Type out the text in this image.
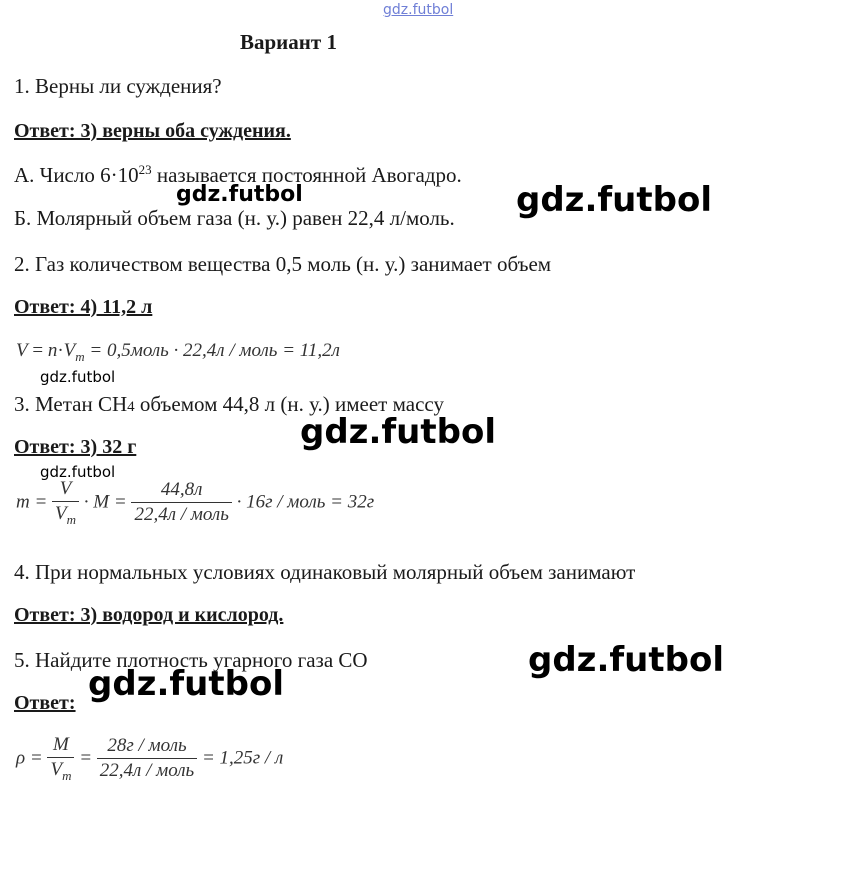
gdz.futbol
Вариант 1
1. Верны ли суждения?
Ответ: 3) верны оба суждения.
А. Число $6\cdot 10^{23}$ называется постоянной Авогадро.
Б. Молярный объем газа (н. у.) равен 22,4 л/моль.
2. Газ количеством вещества 0,5 моль (н. у.) занимает объем
Ответ: 4) 11,2 л
$V = n\cdot V_m$ = 0,5моль · 22,4л / моль = 11,2л
3. Метан CH4 объемом 44,8 л (н. у.) имеет массу
Ответ: 3) 32 г
$m = \frac{V}{V_m} \cdot M = \frac{44,8л}{\text{22,4л / моль}} \cdot 16г$ / моль = 32г
4. При нормальных условиях одинаковый молярный объем занимают
Ответ: 3) водород и кислород.
5. Найдите плотность угарного газа CO
Ответ:
$\rho = \frac{M}{V_m} = \frac{\text{28г / моль}}{\text{22,4л / моль}} = 1,25г / л$
gdz.futbol	gdz.futbol
gdz.futbol
gdz.futbol
gdz.futbol
gdz.futbol
gdz.futbol
